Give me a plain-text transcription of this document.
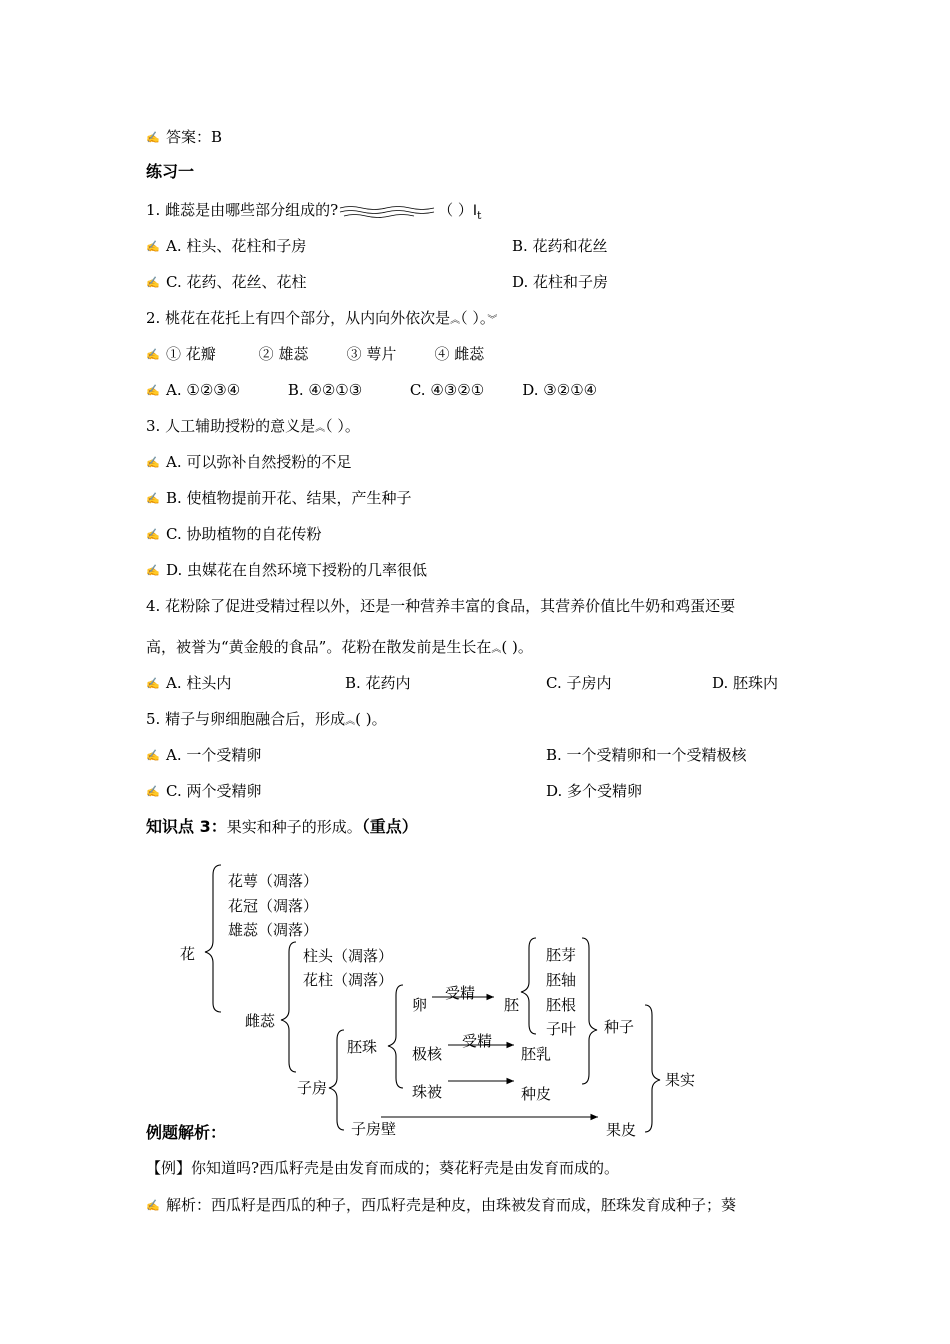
✍ 答案：B
练习一
1. 雌蕊是由哪些部分组成的?	（ ）$I_t$
✍ A. 柱头、花柱和子房	B. 花药和花丝
✍ C. 花药、花丝、花柱	D. 花柱和子房
2. 桃花在花托上有四个部分，从内向外依次是︽（ ）。︾
✍ ① 花瓣         ② 雄蕊        ③ 萼片        ④ 雌蕊
✍ A. ①②③④          B. ④②①③          C. ④③②①        D. ③②①④
3. 人工辅助授粉的意义是︽（ ）。
✍ A. 可以弥补自然授粉的不足
✍ B. 使植物提前开花、结果，产生种子
✍ C. 协助植物的自花传粉
✍ D. 虫媒花在自然环境下授粉的几率很低
4. 花粉除了促进受精过程以外，还是一种营养丰富的食品，其营养价值比牛奶和鸡蛋还要
高，被誉为“黄金般的食品”。花粉在散发前是生长在︽( )。
✍ A. 柱头内	B. 花药内	C. 子房内	D. 胚珠内
5. 精子与卵细胞融合后，形成︽( )。
✍ A. 一个受精卵	B. 一个受精卵和一个受精极核
✍ C. 两个受精卵	D. 多个受精卵
知识点 3：果实和种子的形成。（重点）
花
花萼（凋落）
花冠（凋落）
雄蕊（凋落）
雌蕊
柱头（凋落）
花柱（凋落）
子房
胚珠
子房壁
卵
极核
珠被
受精
受精
胚
胚乳
种皮
果皮
胚芽
胚轴
胚根
子叶 种子
果实
例题解析：
【例】你知道吗?西瓜籽壳是由发育而成的；葵花籽壳是由发育而成的。
✍ 解析：西瓜籽是西瓜的种子，西瓜籽壳是种皮，由珠被发育而成，胚珠发育成种子；葵
